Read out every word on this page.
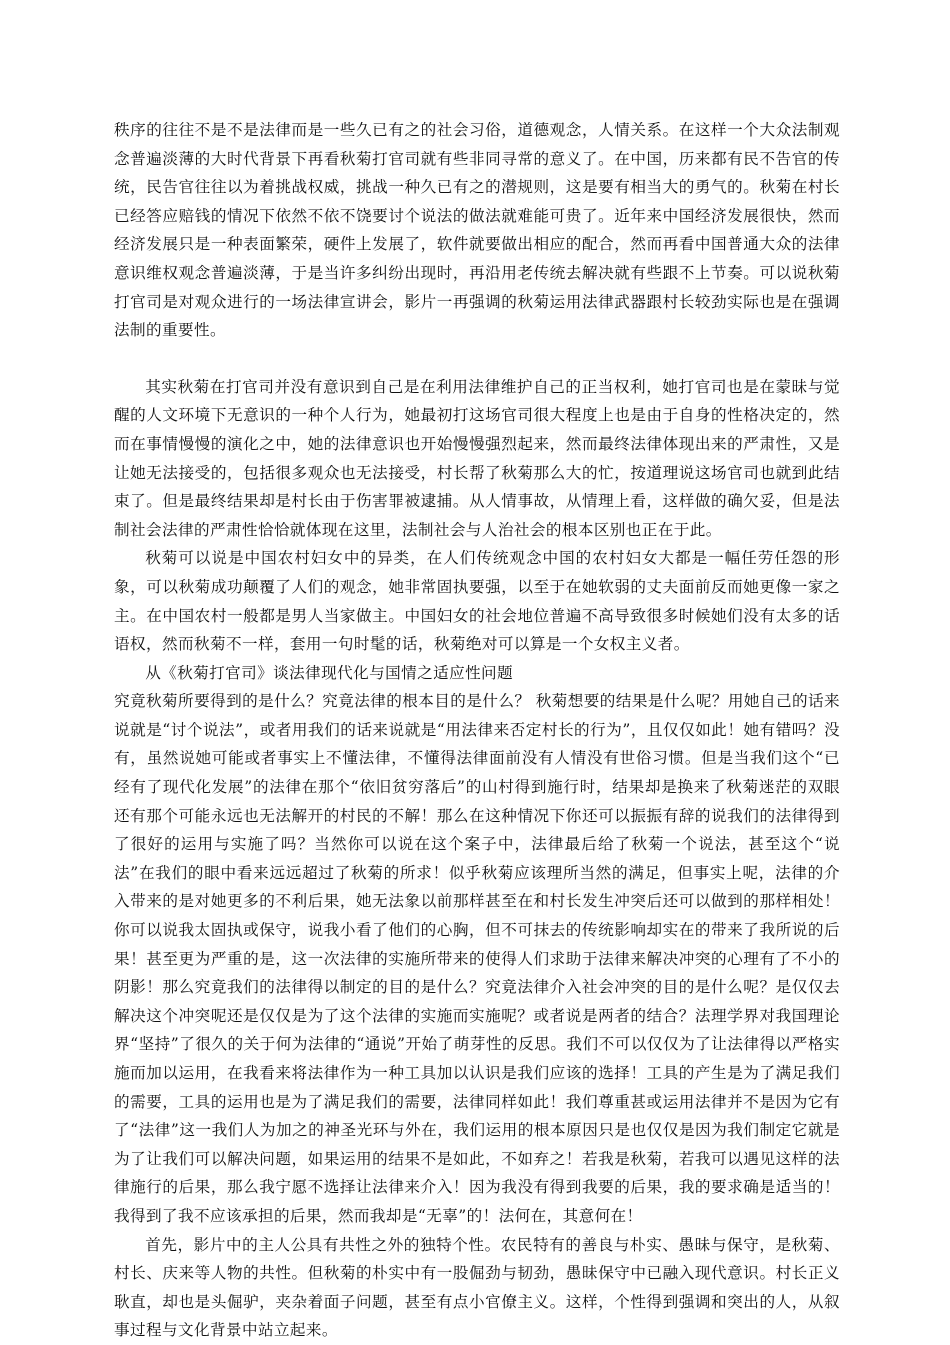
秩序的往往不是不是法律而是一些久已有之的社会习俗，道德观念，人情关系。在这样一个大众法制观念普遍淡薄的大时代背景下再看秋菊打官司就有些非同寻常的意义了。在中国，历来都有民不告官的传统，民告官往往以为着挑战权威，挑战一种久已有之的潜规则，这是要有相当大的勇气的。秋菊在村长已经答应赔钱的情况下依然不依不饶要讨个说法的做法就难能可贵了。近年来中国经济发展很快，然而经济发展只是一种表面繁荣，硬件上发展了，软件就要做出相应的配合，然而再看中国普通大众的法律意识维权观念普遍淡薄，于是当许多纠纷出现时，再沿用老传统去解决就有些跟不上节奏。可以说秋菊打官司是对观众进行的一场法律宣讲会，影片一再强调的秋菊运用法律武器跟村长较劲实际也是在强调法制的重要性。

其实秋菊在打官司并没有意识到自己是在利用法律维护自己的正当权利，她打官司也是在蒙昧与觉醒的人文环境下无意识的一种个人行为，她最初打这场官司很大程度上也是由于自身的性格决定的，然而在事情慢慢的演化之中，她的法律意识也开始慢慢强烈起来，然而最终法律体现出来的严肃性，又是让她无法接受的，包括很多观众也无法接受，村长帮了秋菊那么大的忙，按道理说这场官司也就到此结束了。但是最终结果却是村长由于伤害罪被逮捕。从人情事故，从情理上看，这样做的确欠妥，但是法制社会法律的严肃性恰恰就体现在这里，法制社会与人治社会的根本区别也正在于此。

秋菊可以说是中国农村妇女中的异类，在人们传统观念中国的农村妇女大都是一幅任劳任怨的形象，可以秋菊成功颠覆了人们的观念，她非常固执要强，以至于在她软弱的丈夫面前反而她更像一家之主。在中国农村一般都是男人当家做主。中国妇女的社会地位普遍不高导致很多时候她们没有太多的话语权，然而秋菊不一样，套用一句时髦的话，秋菊绝对可以算是一个女权主义者。

从《秋菊打官司》谈法律现代化与国情之适应性问题

究竟秋菊所要得到的是什么？究竟法律的根本目的是什么？ 秋菊想要的结果是什么呢？用她自己的话来说就是“讨个说法”，或者用我们的话来说就是“用法律来否定村长的行为”，且仅仅如此！她有错吗？没有，虽然说她可能或者事实上不懂法律，不懂得法律面前没有人情没有世俗习惯。但是当我们这个“已经有了现代化发展”的法律在那个“依旧贫穷落后”的山村得到施行时，结果却是换来了秋菊迷茫的双眼还有那个可能永远也无法解开的村民的不解！那么在这种情况下你还可以振振有辞的说我们的法律得到了很好的运用与实施了吗？当然你可以说在这个案子中，法律最后给了秋菊一个说法，甚至这个“说法”在我们的眼中看来远远超过了秋菊的所求！似乎秋菊应该理所当然的满足，但事实上呢，法律的介入带来的是对她更多的不利后果，她无法象以前那样甚至在和村长发生冲突后还可以做到的那样相处！你可以说我太固执或保守，说我小看了他们的心胸，但不可抹去的传统影响却实在的带来了我所说的后果！甚至更为严重的是，这一次法律的实施所带来的使得人们求助于法律来解决冲突的心理有了不小的阴影！那么究竟我们的法律得以制定的目的是什么？究竟法律介入社会冲突的目的是什么呢？是仅仅去解决这个冲突呢还是仅仅是为了这个法律的实施而实施呢？或者说是两者的结合？法理学界对我国理论界“坚持”了很久的关于何为法律的“通说”开始了萌芽性的反思。我们不可以仅仅为了让法律得以严格实施而加以运用，在我看来将法律作为一种工具加以认识是我们应该的选择！工具的产生是为了满足我们的需要，工具的运用也是为了满足我们的需要，法律同样如此！我们尊重甚或运用法律并不是因为它有了“法律”这一我们人为加之的神圣光环与外在，我们运用的根本原因只是也仅仅是因为我们制定它就是为了让我们可以解决问题，如果运用的结果不是如此，不如弃之！若我是秋菊，若我可以遇见这样的法律施行的后果，那么我宁愿不选择让法律来介入！因为我没有得到我要的后果，我的要求确是适当的！我得到了我不应该承担的后果，然而我却是“无辜”的！法何在，其意何在！

首先，影片中的主人公具有共性之外的独特个性。农民特有的善良与朴实、愚昧与保守，是秋菊、村长、庆来等人物的共性。但秋菊的朴实中有一股倔劲与韧劲，愚昧保守中已融入现代意识。村长正义耿直，却也是头倔驴，夹杂着面子问题，甚至有点小官僚主义。这样，个性得到强调和突出的人，从叙事过程与文化背景中站立起来。
